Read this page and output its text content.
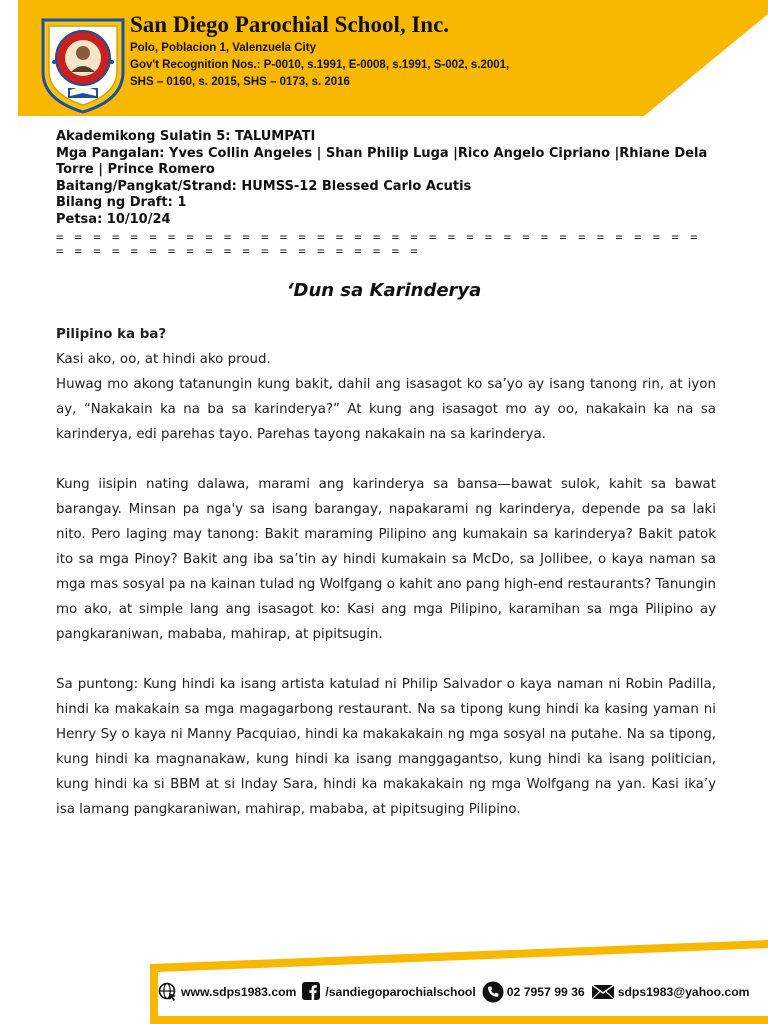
San Diego Parochial School, Inc.
Polo, Poblacion 1, Valenzuela City
Gov't Recognition Nos.: P-0010, s.1991, E-0008, s.1991, S-002, s.2001,
SHS – 0160, s. 2015, SHS – 0173, s. 2016
Akademikong Sulatin 5: TALUMPATI
Mga Pangalan: Yves Collin Angeles | Shan Philip Luga |Rico Angelo Cipriano |Rhiane Dela Torre | Prince Romero
Baitang/Pangkat/Strand: HUMSS-12 Blessed Carlo Acutis
Bilang ng Draft: 1
Petsa: 10/10/24
= = = = = = = = = = = = = = = = = = = = = = = = = = = = = = = = = = = = = = = = = = = = = = = = = = = = = = =
‘Dun sa Karinderya

Pilipino ka ba?

Kasi ako, oo, at hindi ako proud.

Huwag mo akong tatanungin kung bakit, dahil ang isasagot ko sa’yo ay isang tanong rin, at iyon ay, “Nakakain ka na ba sa karinderya?” At kung ang isasagot mo ay oo, nakakain ka na sa karinderya, edi parehas tayo. Parehas tayong nakakain na sa karinderya.

Kung iisipin nating dalawa, marami ang karinderya sa bansa—bawat sulok, kahit sa bawat barangay. Minsan pa nga'y sa isang barangay, napakarami ng karinderya, depende pa sa laki nito. Pero laging may tanong: Bakit maraming Pilipino ang kumakain sa karinderya? Bakit patok ito sa mga Pinoy? Bakit ang iba sa’tin ay hindi kumakain sa McDo, sa Jollibee, o kaya naman sa mga mas sosyal pa na kainan tulad ng Wolfgang o kahit ano pang high-end restaurants? Tanungin mo ako, at simple lang ang isasagot ko: Kasi ang mga Pilipino, karamihan sa mga Pilipino ay pangkaraniwan, mababa, mahirap, at pipitsugin.

Sa puntong: Kung hindi ka isang artista katulad ni Philip Salvador o kaya naman ni Robin Padilla, hindi ka makakain sa mga magagarbong restaurant. Na sa tipong kung hindi ka kasing yaman ni Henry Sy o kaya ni Manny Pacquiao, hindi ka makakakain ng mga sosyal na putahe. Na sa tipong, kung hindi ka magnanakaw, kung hindi ka isang manggagantso, kung hindi ka isang politician, kung hindi ka si BBM at si Inday Sara, hindi ka makakakain ng mga Wolfgang na yan. Kasi ika’y isa lamang pangkaraniwan, mahirap, mababa, at pipitsuging Pilipino.

www.sdps1983.com /sandiegoparochialschool	02 7957 99 36	sdps1983@yahoo.com
